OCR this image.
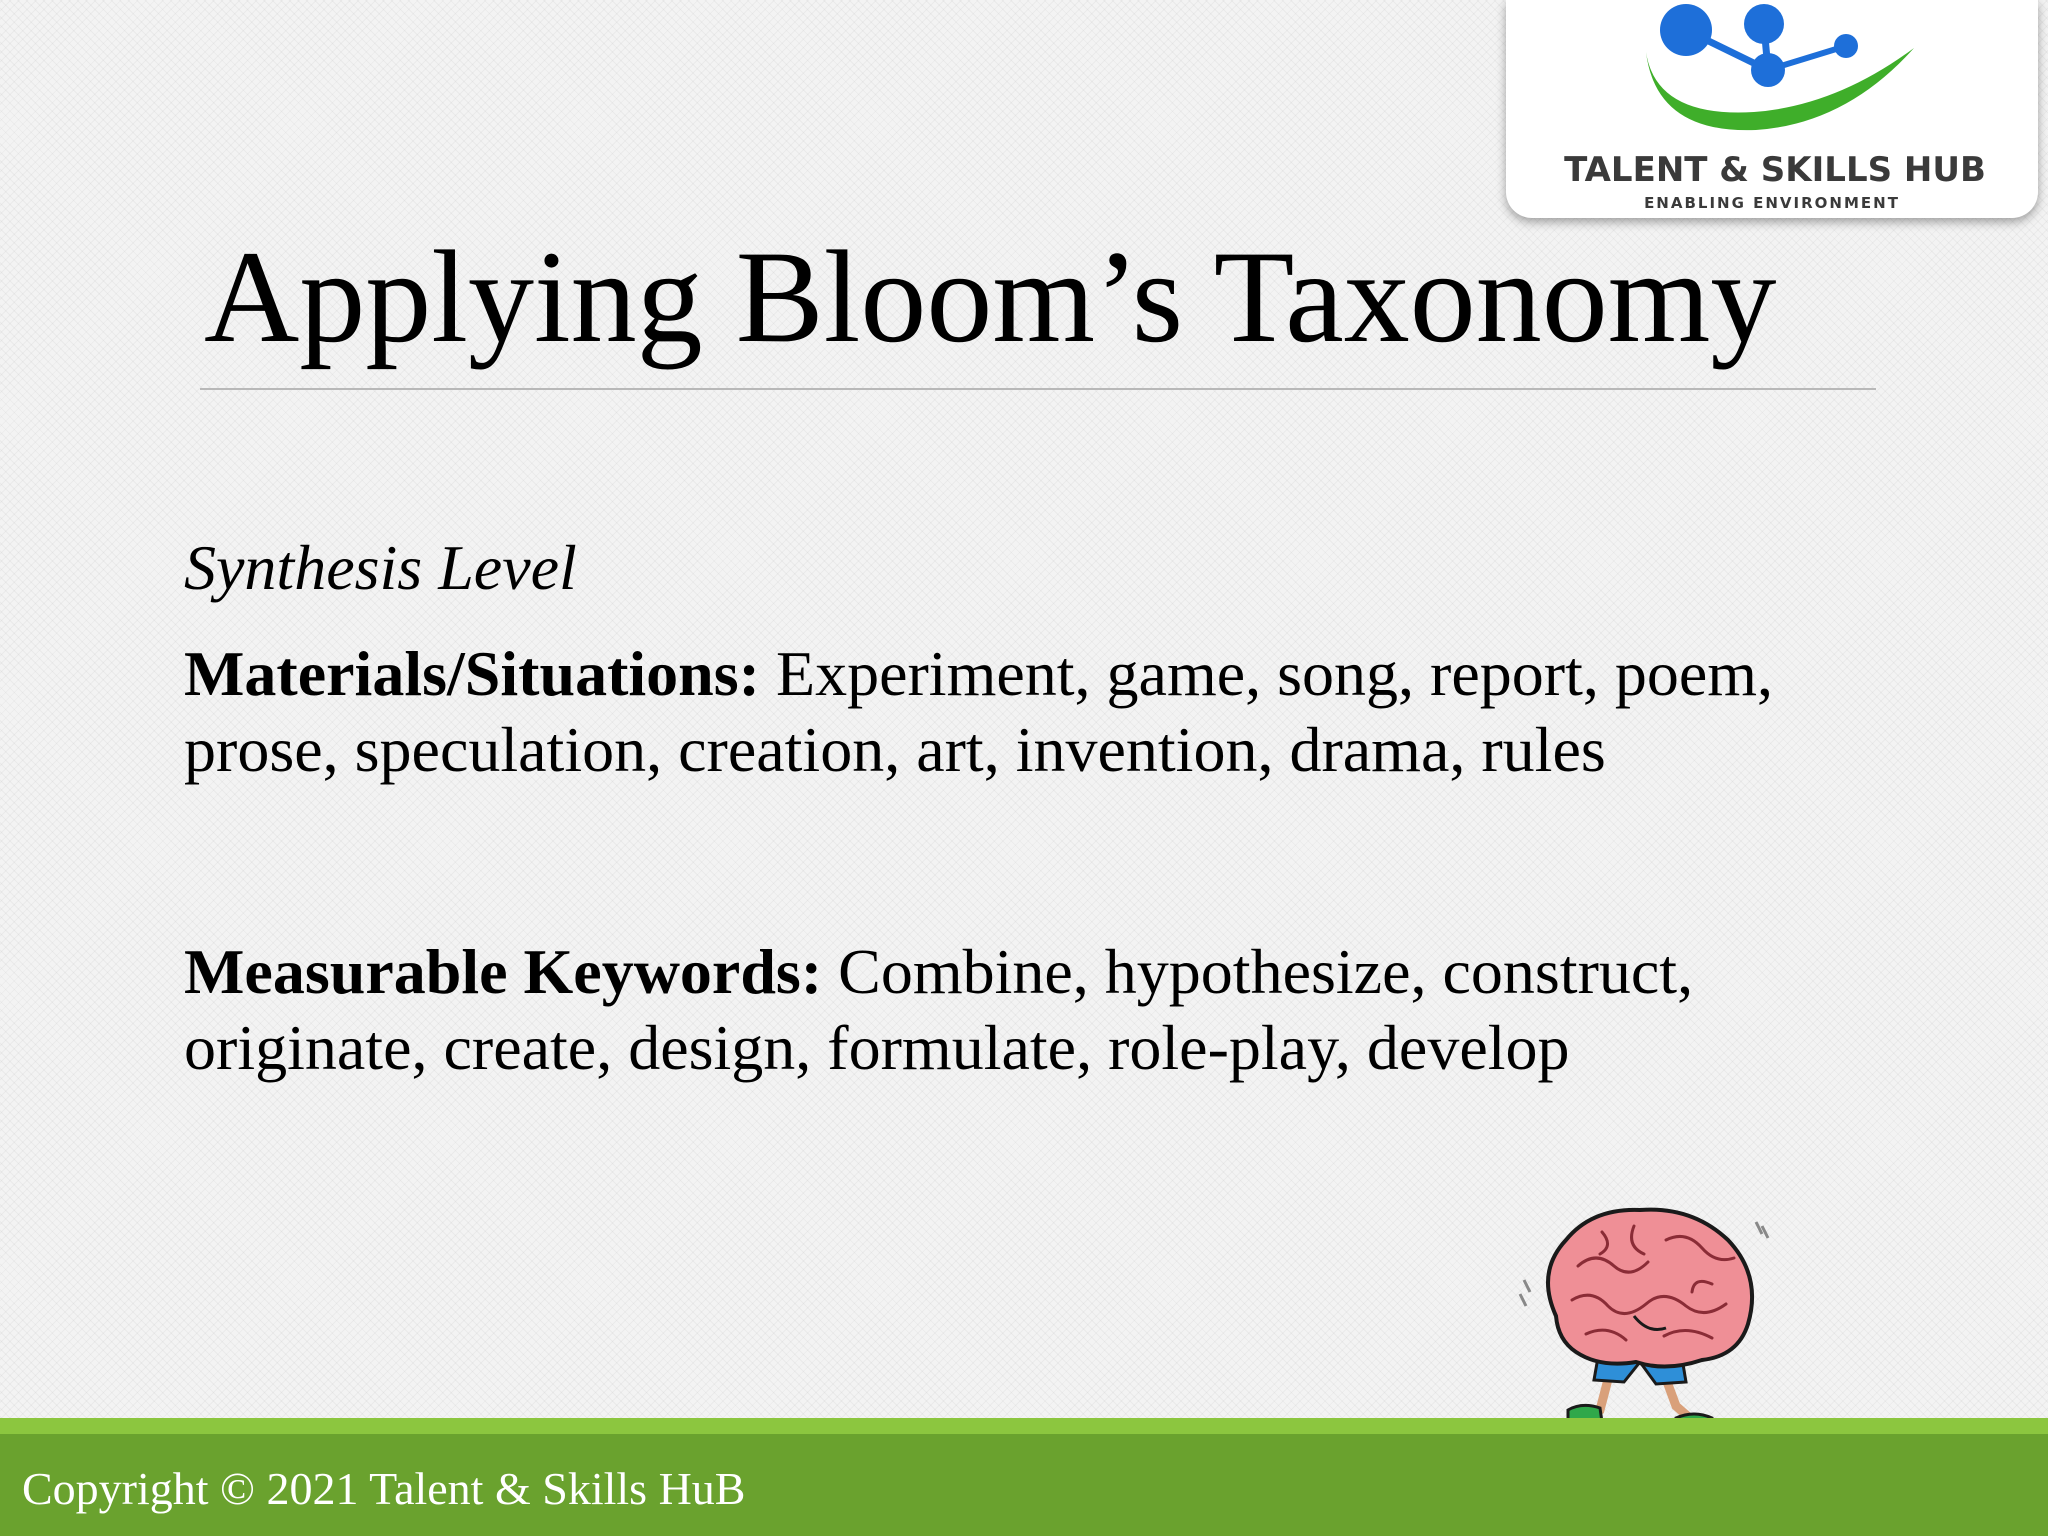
TALENT & SKILLS HUB
ENABLING ENVIRONMENT
Applying Bloom’s Taxonomy

Synthesis Level

Materials/Situations: Experiment, game, song, report, poem, prose, speculation, creation, art, invention, drama, rules

Measurable Keywords: Combine, hypothesize, construct, originate, create, design, formulate, role-play, develop

Copyright © 2021 Talent & Skills HuB
